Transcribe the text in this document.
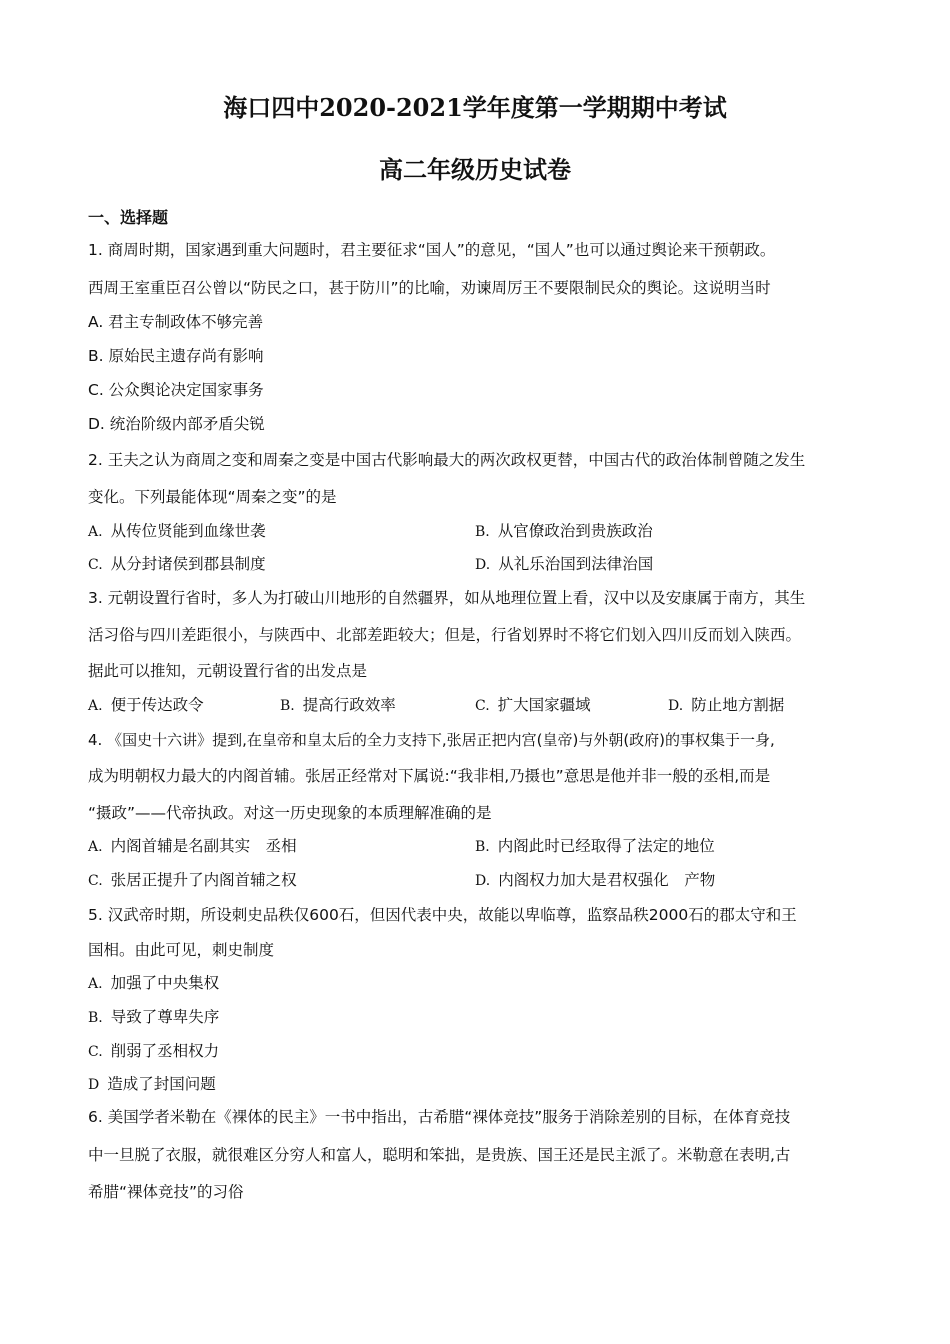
海口四中2020-2021学年度第一学期期中考试
高二年级历史试卷
一、选择题
1. 商周时期，国家遇到重大问题时，君主要征求“国人”的意见，“国人”也可以通过舆论来干预朝政。
西周王室重臣召公曾以“防民之口，甚于防川”的比喻，劝谏周厉王不要限制民众的舆论。这说明当时
A. 君主专制政体不够完善
B. 原始民主遗存尚有影响
C. 公众舆论决定国家事务
D. 统治阶级内部矛盾尖锐
2. 王夫之认为商周之变和周秦之变是中国古代影响最大的两次政权更替，中国古代的政治体制曾随之发生
变化。下列最能体现“周秦之变”的是
A. 从传位贤能到血缘世袭	B. 从官僚政治到贵族政治
C. 从分封诸侯到郡县制度	D. 从礼乐治国到法律治国
3. 元朝设置行省时，多人为打破山川地形的自然疆界，如从地理位置上看，汉中以及安康属于南方，其生
活习俗与四川差距很小，与陕西中、北部差距较大；但是，行省划界时不将它们划入四川反而划入陕西。
据此可以推知，元朝设置行省的出发点是
A. 便于传达政令	B. 提高行政效率	C. 扩大国家疆域	D. 防止地方割据
4. 《国史十六讲》提到,在皇帝和皇太后的全力支持下,张居正把内宫(皇帝)与外朝(政府)的事权集于一身,
成为明朝权力最大的内阁首辅。张居正经常对下属说:“我非相,乃摄也”意思是他并非一般的丞相,而是
“摄政”——代帝执政。对这一历史现象的本质理解准确的是
A. 内阁首辅是名副其实　丞相	B. 内阁此时已经取得了法定的地位
C. 张居正提升了内阁首辅之权	D. 内阁权力加大是君权强化　产物
5. 汉武帝时期，所设刺史品秩仅600石，但因代表中央，故能以卑临尊，监察品秩2000石的郡太守和王
国相。由此可见，刺史制度
A. 加强了中央集权
B. 导致了尊卑失序
C. 削弱了丞相权力
D 造成了封国问题
6. 美国学者米勒在《裸体的民主》一书中指出，古希腊“裸体竞技”服务于消除差别的目标，在体育竞技
中一旦脱了衣服，就很难区分穷人和富人，聪明和笨拙，是贵族、国王还是民主派了。米勒意在表明,古
希腊“裸体竞技”的习俗
